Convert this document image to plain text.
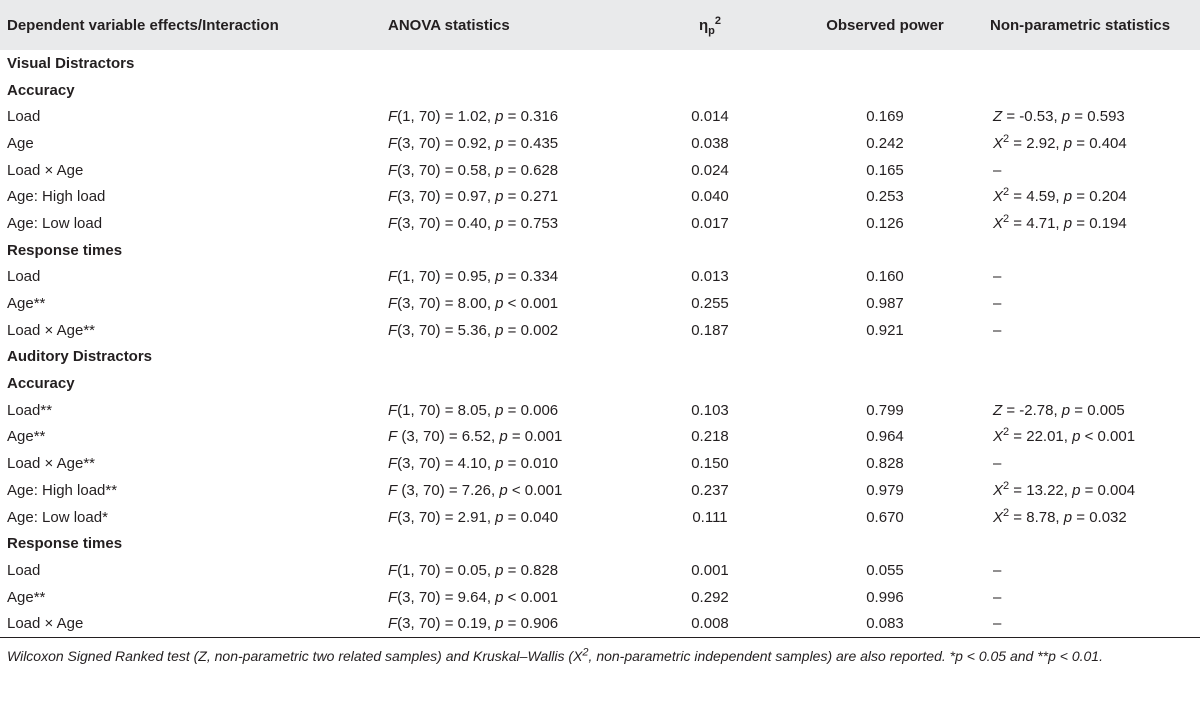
Dependent variable effects/Interaction	ANOVA statistics	$\eta_p^2$	Observed power	Non-parametric statistics
Visual Distractors				
Accuracy				
Load	F(1, 70) = 1.02, p = 0.316	0.014	0.169	Z = -0.53, p = 0.593
Age	F(3, 70) = 0.92, p = 0.435	0.038	0.242	$X^2 = 2.92$, p = 0.404
Load × Age	F(3, 70) = 0.58, p = 0.628	0.024	0.165	–
Age: High load	F(3, 70) = 0.97, p = 0.271	0.040	0.253	$X^2 = 4.59$, p = 0.204
Age: Low load	F(3, 70) = 0.40, p = 0.753	0.017	0.126	$X^2 = 4.71$, p = 0.194
Response times				
Load	F(1, 70) = 0.95, p = 0.334	0.013	0.160	–
Age**	F(3, 70) = 8.00, p < 0.001	0.255	0.987	–
Load × Age**	F(3, 70) = 5.36, p = 0.002	0.187	0.921	–
Auditory Distractors				
Accuracy				
Load**	F(1, 70) = 8.05, p = 0.006	0.103	0.799	Z = -2.78, p = 0.005
Age**	F (3, 70) = 6.52, p = 0.001	0.218	0.964	$X^2 = 22.01$, p < 0.001
Load × Age**	F(3, 70) = 4.10, p = 0.010	0.150	0.828	–
Age: High load**	F (3, 70) = 7.26, p < 0.001	0.237	0.979	$X^2 = 13.22$, p = 0.004
Age: Low load*	F(3, 70) = 2.91, p = 0.040	0.111	0.670	$X^2 = 8.78$, p = 0.032
Response times				
Load	F(1, 70) = 0.05, p = 0.828	0.001	0.055	–
Age**	F(3, 70) = 9.64, p < 0.001	0.292	0.996	–
Load × Age	F(3, 70) = 0.19, p = 0.906	0.008	0.083	–
Wilcoxon Signed Ranked test (Z, non-parametric two related samples) and Kruskal–Wallis ($X^2$, non-parametric independent samples) are also reported. *p < 0.05 and **p < 0.01.
